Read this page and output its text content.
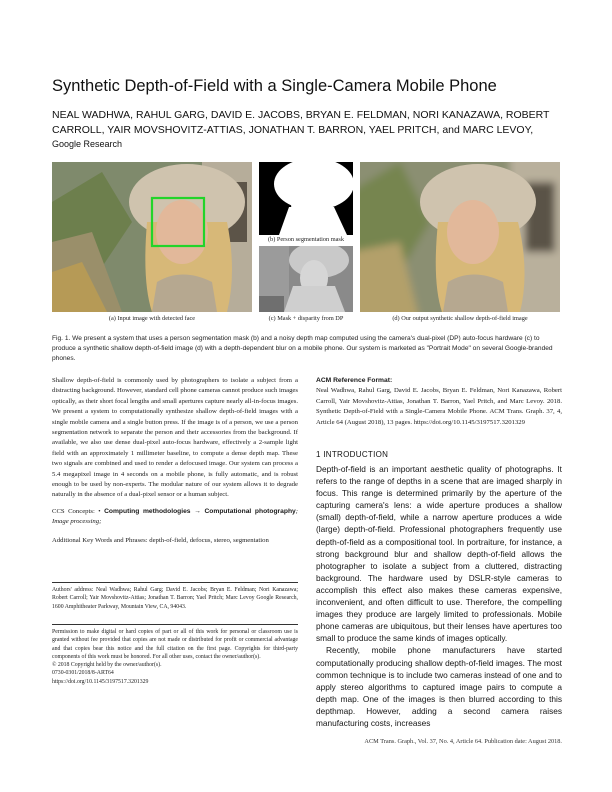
Synthetic Depth-of-Field with a Single-Camera Mobile Phone
NEAL WADHWA, RAHUL GARG, DAVID E. JACOBS, BRYAN E. FELDMAN, NORI KANAZAWA, ROBERT
CARROLL, YAIR MOVSHOVITZ-ATTIAS, JONATHAN T. BARRON, YAEL PRITCH, and MARC LEVOY,
Google Research
(a) Input image with detected face
(b) Person segmentation mask
(c) Mask + disparity from DP	(d) Our output synthetic shallow depth-of-field image
Fig. 1. We present a system that uses a person segmentation mask (b) and a noisy depth map computed using the camera's dual-pixel (DP) auto-focus hardware (c) to produce a synthetic shallow depth-of-field image (d) with a depth-dependent blur on a mobile phone. Our system is marketed as "Portrait Mode" on several Google-branded phones.

Shallow depth-of-field is commonly used by photographers to isolate a subject from a distracting background. However, standard cell phone cameras cannot produce such images optically, as their short focal lengths and small apertures capture nearly all-in-focus images. We present a system to computationally synthesize shallow depth-of-field images with a single mobile camera and a single button press. If the image is of a person, we use a person segmentation network to separate the person and their accessories from the background. If available, we also use dense dual-pixel auto-focus hardware, effectively a 2-sample light field with an approximately 1 millimeter baseline, to compute a dense depth map. These two signals are combined and used to render a defocused image. Our system can process a 5.4 megapixel image in 4 seconds on a mobile phone, is fully automatic, and is robust enough to be used by non-experts. The modular nature of our system allows it to degrade naturally in the absence of a dual-pixel sensor or a human subject.

CCS Concepts: • Computing methodologies → Computational photography; Image processing;

Additional Key Words and Phrases: depth-of-field, defocus, stereo, segmentation

Authors' address: Neal Wadhwa; Rahul Garg; David E. Jacobs; Bryan E. Feldman; Nori Kanazawa; Robert Carroll; Yair Movshovitz-Attias; Jonathan T. Barron; Yael Pritch; Marc Levoy Google Research, 1600 Amphitheater Parkway, Mountain View, CA, 94043.
Permission to make digital or hard copies of part or all of this work for personal or classroom use is granted without fee provided that copies are not made or distributed for profit or commercial advantage and that copies bear this notice and the full citation on the first page. Copyrights for third-party components of this work must be honored. For all other uses, contact the owner/author(s).
© 2018 Copyright held by the owner/author(s).
0730-0301/2018/8-ART64
https://doi.org/10.1145/3197517.3201329
ACM Reference Format:

Neal Wadhwa, Rahul Garg, David E. Jacobs, Bryan E. Feldman, Nori Kanazawa, Robert Carroll, Yair Movshovitz-Attias, Jonathan T. Barron, Yael Pritch, and Marc Levoy. 2018. Synthetic Depth-of-Field with a Single-Camera Mobile Phone. ACM Trans. Graph. 37, 4, Article 64 (August 2018), 13 pages. https://doi.org/10.1145/3197517.3201329

1 INTRODUCTION

Depth-of-field is an important aesthetic quality of photographs. It refers to the range of depths in a scene that are imaged sharply in focus. This range is determined primarily by the aperture of the capturing camera's lens: a wide aperture produces a shallow (small) depth-of-field, while a narrow aperture produces a wide (large) depth-of-field. Professional photographers frequently use depth-of-field as a compositional tool. In portraiture, for instance, a strong background blur and shallow depth-of-field allows the photographer to isolate a subject from a cluttered, distracting background. The hardware used by DSLR-style cameras to accomplish this effect also makes these cameras expensive, inconvenient, and often difficult to use. Therefore, the compelling images they produce are largely limited to professionals. Mobile phone cameras are ubiquitous, but their lenses have apertures too small to produce the same kinds of images optically.

Recently, mobile phone manufacturers have started computationally producing shallow depth-of-field images. The most common technique is to include two cameras instead of one and to apply stereo algorithms to captured image pairs to compute a depth map. One of the images is then blurred according to this depthmap. However, adding a second camera raises manufacturing costs, increases

ACM Trans. Graph., Vol. 37, No. 4, Article 64. Publication date: August 2018.
